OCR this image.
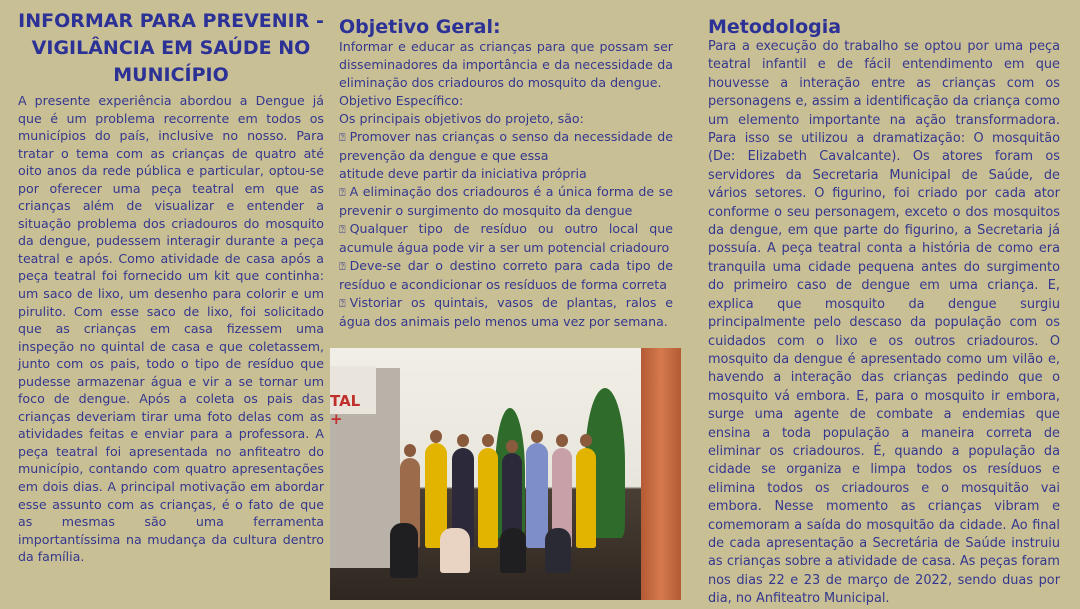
INFORMAR PARA PREVENIR - VIGILÂNCIA EM SAÚDE NO MUNICÍPIO

A presente experiência abordou a Dengue já que é um problema recorrente em todos os municípios do país, inclusive no nosso. Para tratar o tema com as crianças de quatro até oito anos da rede pública e particular, optou-se por oferecer uma peça teatral em que as crianças além de visualizar e entender a situação problema dos criadouros do mosquito da dengue, pudessem interagir durante a peça teatral e após. Como atividade de casa após a peça teatral foi fornecido um kit que continha: um saco de lixo, um desenho para colorir e um pirulito. Com esse saco de lixo, foi solicitado que as crianças em casa fizessem uma inspeção no quintal de casa e que coletassem, junto com os pais, todo o tipo de resíduo que pudesse armazenar água e vir a se tornar um foco de dengue. Após a coleta os pais das crianças deveriam tirar uma foto delas com as atividades feitas e enviar para a professora. A peça teatral foi apresentada no anfiteatro do município, contando com quatro apresentações em dois dias. A principal motivação em abordar esse assunto com as crianças, é o fato de que as mesmas são uma ferramenta importantíssima na mudança da cultura dentro da família.

Objetivo Geral:

Informar e educar as crianças para que possam ser disseminadores da importância e da necessidade da eliminação dos criadouros do mosquito da dengue.

Objetivo Específico:

Os principais objetivos do projeto, são:

⍰ Promover nas crianças o senso da necessidade de prevenção da dengue e que essa

atitude deve partir da iniciativa própria

⍰ A eliminação dos criadouros é a única forma de se prevenir o surgimento do mosquito da dengue

⍰ Qualquer tipo de resíduo ou outro local que acumule água pode vir a ser um potencial criadouro

⍰ Deve-se dar o destino correto para cada tipo de resíduo e acondicionar os resíduos de forma correta

⍰ Vistoriar os quintais, vasos de plantas, ralos e água dos animais pelo menos uma vez por semana.

TAL +
Metodologia

Para a execução do trabalho se optou por uma peça teatral infantil e de fácil entendimento em que houvesse a interação entre as crianças com os personagens e, assim a identificação da criança como um elemento importante na ação transformadora. Para isso se utilizou a dramatização: O mosquitão (De: Elizabeth Cavalcante). Os atores foram os servidores da Secretaria Municipal de Saúde, de vários setores. O figurino, foi criado por cada ator conforme o seu personagem, exceto o dos mosquitos da dengue, em que parte do figurino, a Secretaria já possuía. A peça teatral conta a história de como era tranquila uma cidade pequena antes do surgimento do primeiro caso de dengue em uma criança. E, explica que mosquito da dengue surgiu principalmente pelo descaso da população com os cuidados com o lixo e os outros criadouros. O mosquito da dengue é apresentado como um vilão e, havendo a interação das crianças pedindo que o mosquito vá embora. E, para o mosquito ir embora, surge uma agente de combate a endemias que ensina a toda população a maneira correta de eliminar os criadouros. É, quando a população da cidade se organiza e limpa todos os resíduos e elimina todos os criadouros e o mosquitão vai embora. Nesse momento as crianças vibram e comemoram a saída do mosquitão da cidade. Ao final de cada apresentação a Secretária de Saúde instruiu as crianças sobre a atividade de casa. As peças foram nos dias 22 e 23 de março de 2022, sendo duas por dia, no Anfiteatro Municipal.
